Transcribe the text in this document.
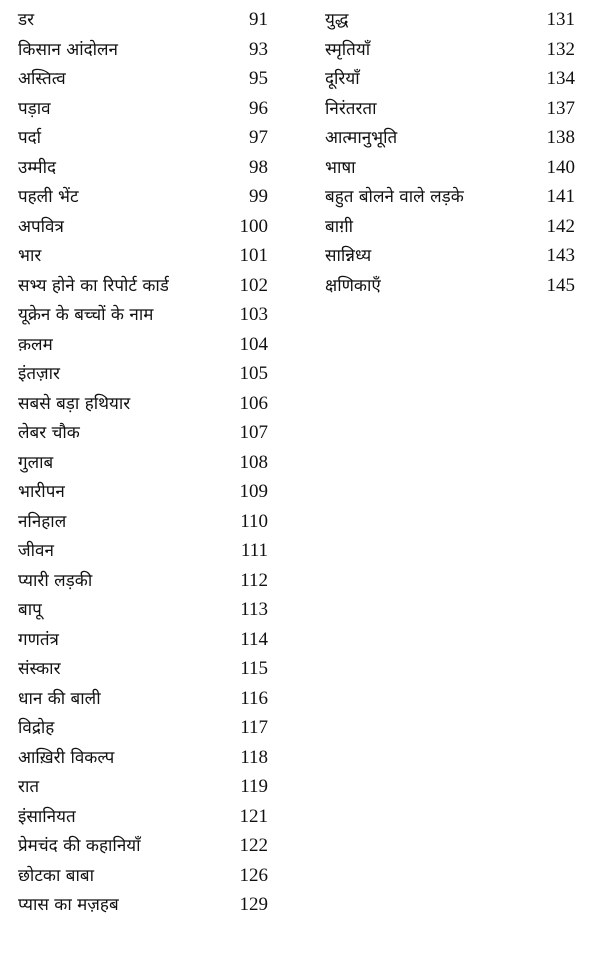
डर	91
किसान आंदोलन	93
अस्तित्व	95
पड़ाव	96
पर्दा	97
उम्मीद	98
पहली भेंट	99
अपवित्र	100
भार	101
सभ्य होने का रिपोर्ट कार्ड	102
यूक्रेन के बच्चों के नाम	103
क़लम	104
इंतज़ार	105
सबसे बड़ा हथियार	106
लेबर चौक	107
गुलाब	108
भारीपन	109
ननिहाल	110
जीवन	111
प्यारी लड़की	112
बापू	113
गणतंत्र	114
संस्कार	115
धान की बाली	116
विद्रोह	117
आख़िरी विकल्प	118
रात	119
इंसानियत	121
प्रेमचंद की कहानियाँ	122
छोटका बाबा	126
प्यास का मज़हब	129
युद्ध	131
स्मृतियाँ	132
दूरियाँ	134
निरंतरता	137
आत्मानुभूति	138
भाषा	140
बहुत बोलने वाले लड़के	141
बाग़ी	142
सान्निध्य	143
क्षणिकाएँ	145
